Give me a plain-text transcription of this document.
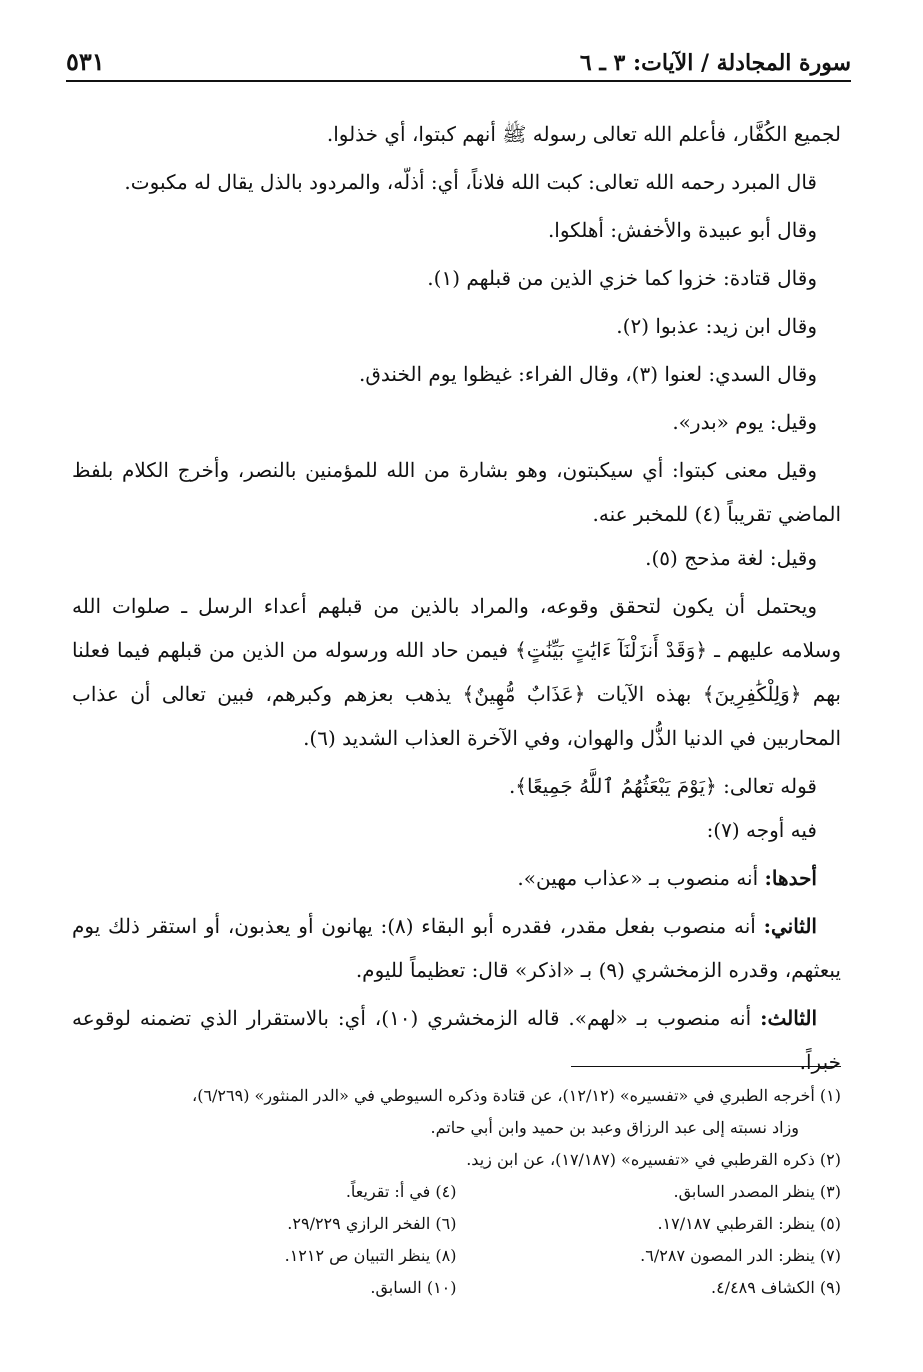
سورة المجادلة / الآيات: ٣ ـ ٦
٥٣١

لجميع الكُفَّار، فأعلم الله تعالى رسوله ﷺ أنهم كبتوا، أي خذلوا.

قال المبرد رحمه الله تعالى: كبت الله فلاناً، أي: أذلّه، والمردود بالذل يقال له مكبوت.

وقال أبو عبيدة والأخفش: أهلكوا.

وقال قتادة: خزوا كما خزي الذين من قبلهم (١).

وقال ابن زيد: عذبوا (٢).

وقال السدي: لعنوا (٣)، وقال الفراء: غيظوا يوم الخندق.

وقيل: يوم «بدر».

وقيل معنى كبتوا: أي سيكبتون، وهو بشارة من الله للمؤمنين بالنصر، وأخرج الكلام بلفظ الماضي تقريباً (٤) للمخبر عنه.

وقيل: لغة مذحج (٥).

ويحتمل أن يكون لتحقق وقوعه، والمراد بالذين من قبلهم أعداء الرسل ـ صلوات الله وسلامه عليهم ـ ﴿وَقَدْ أَنزَلْنَآ ءَايَٰتٍ بَيِّنَٰتٍ﴾ فيمن حاد الله ورسوله من الذين من قبلهم فيما فعلنا بهم ﴿وَلِلْكَٰفِرِينَ﴾ بهذه الآيات ﴿عَذَابٌ مُّهِينٌ﴾ يذهب بعزهم وكبرهم، فبين تعالى أن عذاب المحاربين في الدنيا الذُّل والهوان، وفي الآخرة العذاب الشديد (٦).

قوله تعالى: ﴿يَوْمَ يَبْعَثُهُمُ ٱللَّهُ جَمِيعًا﴾.

فيه أوجه (٧):

أحدها: أنه منصوب بـ «عذاب مهين».

الثاني: أنه منصوب بفعل مقدر، فقدره أبو البقاء (٨): يهانون أو يعذبون، أو استقر ذلك يوم يبعثهم، وقدره الزمخشري (٩) بـ «اذكر» قال: تعظيماً لليوم.

الثالث: أنه منصوب بـ «لهم». قاله الزمخشري (١٠)، أي: بالاستقرار الذي تضمنه لوقوعه خبراً.

(١) أخرجه الطبري في «تفسيره» (١٢/١٢)، عن قتادة وذكره السيوطي في «الدر المنثور» (٦/٢٦٩)،
وزاد نسبته إلى عبد الرزاق وعبد بن حميد وابن أبي حاتم.
(٢) ذكره القرطبي في «تفسيره» (١٧/١٨٧)، عن ابن زيد.
(٣) ينظر المصدر السابق.
(٤) في أ: تقريعاً.
(٥) ينظر: القرطبي ١٧/١٨٧.
(٦) الفخر الرازي ٢٩/٢٢٩.
(٧) ينظر: الدر المصون ٦/٢٨٧.
(٨) ينظر التبيان ص ١٢١٢.
(٩) الكشاف ٤/٤٨٩.
(١٠) السابق.
